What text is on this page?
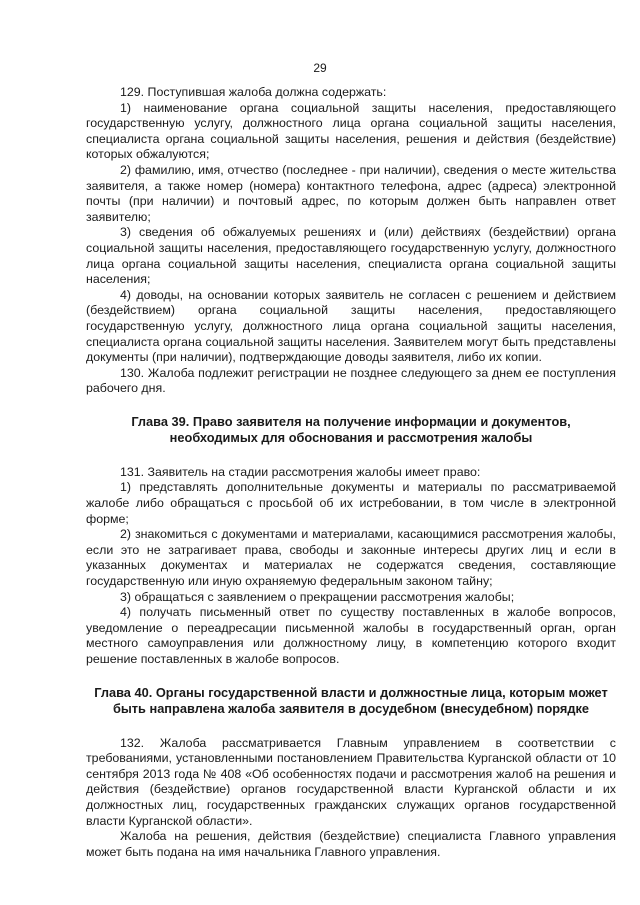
29

129. Поступившая жалоба должна содержать:

1) наименование органа социальной защиты населения, предоставляющего государственную услугу, должностного лица органа социальной защиты населения, специалиста органа социальной защиты населения, решения и действия (бездействие) которых обжалуются;

2) фамилию, имя, отчество (последнее - при наличии), сведения о месте жительства заявителя, а также номер (номера) контактного телефона, адрес (адреса) электронной почты (при наличии) и почтовый адрес, по которым должен быть направлен ответ заявителю;

3) сведения об обжалуемых решениях и (или) действиях (бездействии) органа социальной защиты населения, предоставляющего государственную услугу, должностного лица органа социальной защиты населения, специалиста органа социальной защиты населения;

4) доводы, на основании которых заявитель не согласен с решением и действием (бездействием) органа социальной защиты населения, предоставляющего государственную услугу, должностного лица органа социальной защиты населения, специалиста органа социальной защиты населения. Заявителем могут быть представлены документы (при наличии), подтверждающие доводы заявителя, либо их копии.

130. Жалоба подлежит регистрации не позднее следующего за днем ее поступления рабочего дня.

Глава 39. Право заявителя на получение информации и документов,
необходимых для обоснования и рассмотрения жалобы

131. Заявитель на стадии рассмотрения жалобы имеет право:

1) представлять дополнительные документы и материалы по рассматриваемой жалобе либо обращаться с просьбой об их истребовании, в том числе в электронной форме;

2) знакомиться с документами и материалами, касающимися рассмотрения жалобы, если это не затрагивает права, свободы и законные интересы других лиц и если в указанных документах и материалах не содержатся сведения, составляющие государственную или иную охраняемую федеральным законом тайну;

3) обращаться с заявлением о прекращении рассмотрения жалобы;

4) получать письменный ответ по существу поставленных в жалобе вопросов, уведомление о переадресации письменной жалобы в государственный орган, орган местного самоуправления или должностному лицу, в компетенцию которого входит решение поставленных в жалобе вопросов.

Глава 40. Органы государственной власти и должностные лица, которым может
быть направлена жалоба заявителя в досудебном (внесудебном) порядке

132. Жалоба рассматривается Главным управлением в соответствии с требованиями, установленными постановлением Правительства Курганской области от 10 сентября 2013 года № 408 «Об особенностях подачи и рассмотрения жалоб на решения и действия (бездействие) органов государственной власти Курганской области и их должностных лиц, государственных гражданских служащих органов государственной власти Курганской области».

Жалоба на решения, действия (бездействие) специалиста Главного управления может быть подана на имя начальника Главного управления.
